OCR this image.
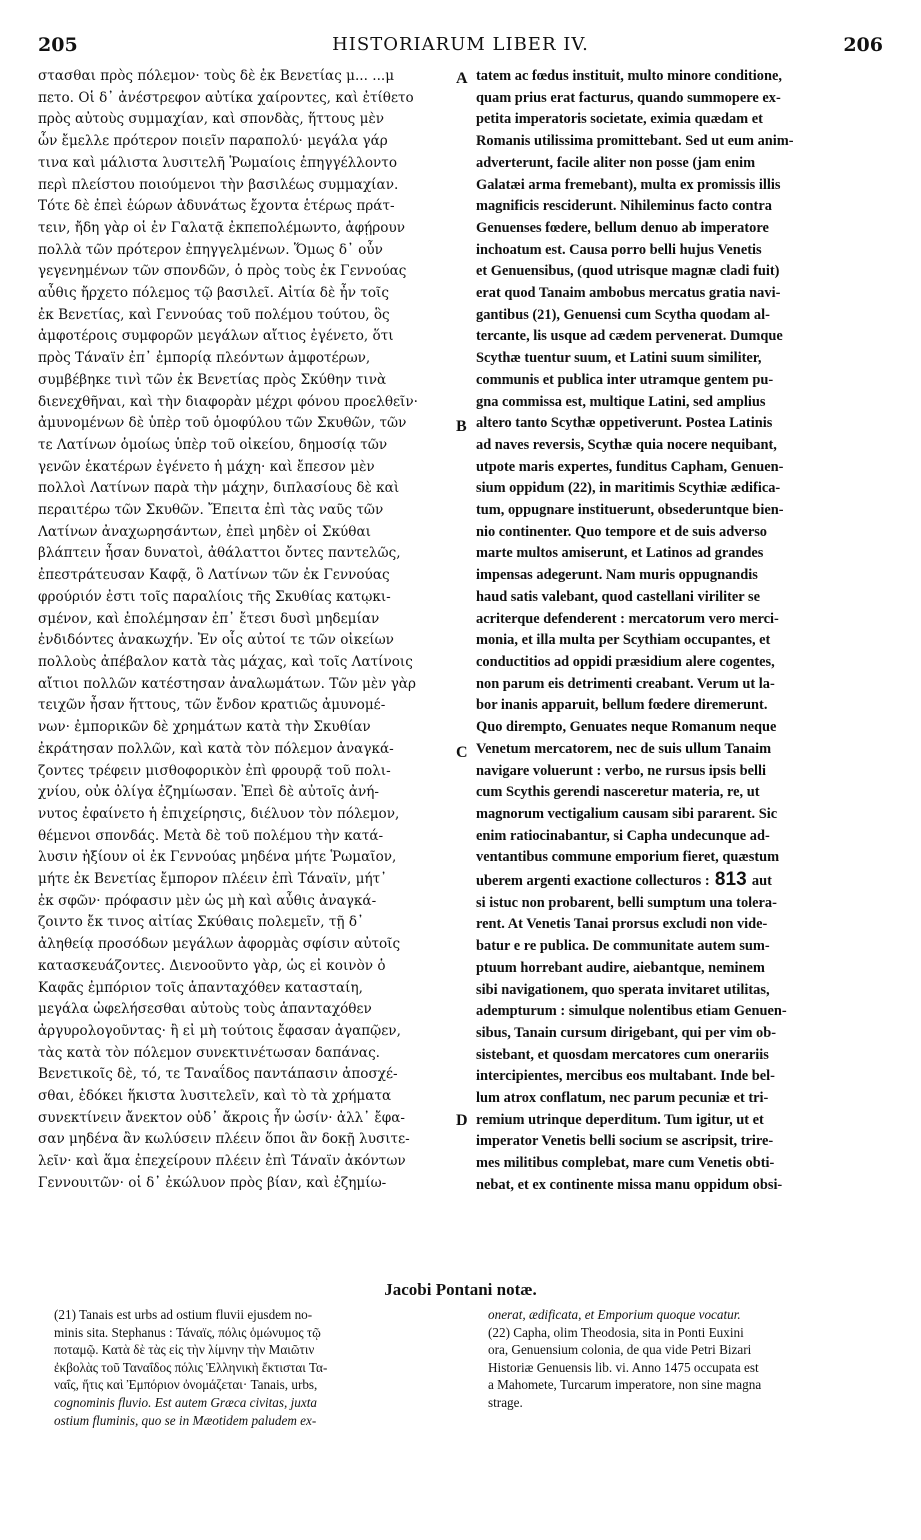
205	HISTORIARUM LIBER IV.	206

στασθαι πρὸς πόλεμον· τοὺς δὲ ἐκ Βενετίας μ... ...μ

πετο. Οἱ δ᾿ ἀνέστρεφον αὐτίκα χαίροντες, καὶ ἐτίθετο

πρὸς αὐτοὺς συμμαχίαν, καὶ σπονδὰς, ἥττους μὲν

ὧν ἔμελλε πρότερον ποιεῖν παραπολύ· μεγάλα γάρ

τινα καὶ μάλιστα λυσιτελῆ Ῥωμαίοις ἐπηγγέλλοντο

περὶ πλείστου ποιούμενοι τὴν βασιλέως συμμαχίαν.

Τότε δὲ ἐπεὶ ἑώρων ἀδυνάτως ἔχοντα ἑτέρως πράτ-

τειν, ἤδη γὰρ οἱ ἐν Γαλατᾷ ἐκπεπολέμωντο, ἀφῄρουν

πολλὰ τῶν πρότερον ἐπηγγελμένων. Ὅμως δ᾿ οὖν

γεγενημένων τῶν σπονδῶν, ὁ πρὸς τοὺς ἐκ Γεννούας

αὖθις ἤρχετο πόλεμος τῷ βασιλεῖ. Αἰτία δὲ ἦν τοῖς

ἐκ Βενετίας, καὶ Γεννούας τοῦ πολέμου τούτου, ὃς

ἀμφοτέροις συμφορῶν μεγάλων αἴτιος ἐγένετο, ὅτι

πρὸς Τάναϊν ἐπ᾿ ἐμπορίᾳ πλεόντων ἀμφοτέρων,

συμβέβηκε τινὶ τῶν ἐκ Βενετίας πρὸς Σκύθην τινὰ

διενεχθῆναι, καὶ τὴν διαφορὰν μέχρι φόνου προελθεῖν·

ἀμυνομένων δὲ ὑπὲρ τοῦ ὁμοφύλου τῶν Σκυθῶν, τῶν

τε Λατίνων ὁμοίως ὑπὲρ τοῦ οἰκείου, δημοσίᾳ τῶν

γενῶν ἑκατέρων ἐγένετο ἡ μάχη· καὶ ἔπεσον μὲν

πολλοὶ Λατίνων παρὰ τὴν μάχην, διπλασίους δὲ καὶ

περαιτέρω τῶν Σκυθῶν. Ἔπειτα ἐπὶ τὰς ναῦς τῶν

Λατίνων ἀναχωρησάντων, ἐπεὶ μηδὲν οἱ Σκύθαι

βλάπτειν ἦσαν δυνατοὶ, ἀθάλαττοι ὄντες παντελῶς,

ἐπεστράτευσαν Καφᾷ, ὃ Λατίνων τῶν ἐκ Γεννούας

φρούριόν ἐστι τοῖς παραλίοις τῆς Σκυθίας κατῳκι-

σμένον, καὶ ἐπολέμησαν ἐπ᾿ ἔτεσι δυσὶ μηδεμίαν

ἐνδιδόντες ἀνακωχήν. Ἐν οἷς αὐτοί τε τῶν οἰκείων

πολλοὺς ἀπέβαλον κατὰ τὰς μάχας, καὶ τοῖς Λατίνοις

αἴτιοι πολλῶν κατέστησαν ἀναλωμάτων. Τῶν μὲν γὰρ

τειχῶν ἦσαν ἥττους, τῶν ἔνδον κρατιῶς ἀμυνομέ-

νων· ἐμπορικῶν δὲ χρημάτων κατὰ τὴν Σκυθίαν

ἐκράτησαν πολλῶν, καὶ κατὰ τὸν πόλεμον ἀναγκά-

ζοντες τρέφειν μισθοφορικὸν ἐπὶ φρουρᾷ τοῦ πολι-

χνίου, οὐκ ὀλίγα ἐζημίωσαν. Ἐπεὶ δὲ αὐτοῖς ἀνή-

νυτος ἐφαίνετο ἡ ἐπιχείρησις, διέλυον τὸν πόλεμον,

θέμενοι σπονδάς. Μετὰ δὲ τοῦ πολέμου τὴν κατά-

λυσιν ἠξίουν οἱ ἐκ Γεννούας μηδένα μήτε Ῥωμαῖον,

μήτε ἐκ Βενετίας ἔμπορον πλέειν ἐπὶ Τάναϊν, μήτ᾿

ἐκ σφῶν· πρόφασιν μὲν ὡς μὴ καὶ αὖθις ἀναγκά-

ζοιντο ἔκ τινος αἰτίας Σκύθαις πολεμεῖν, τῇ δ᾿

ἀληθείᾳ προσόδων μεγάλων ἀφορμὰς σφίσιν αὐτοῖς

κατασκευάζοντες. Διενοοῦντο γὰρ, ὡς εἰ κοινὸν ὁ

Καφᾶς ἐμπόριον τοῖς ἁπανταχόθεν κατασταίη,

μεγάλα ὠφελήσεσθαι αὐτοὺς τοὺς ἁπανταχόθεν

ἀργυρολογοῦντας· ἢ εἰ μὴ τούτοις ἔφασαν ἀγαπῷεν,

τὰς κατὰ τὸν πόλεμον συνεκτινέτωσαν δαπάνας.

Βενετικοῖς δὲ, τό, τε Ταναΐδος παντάπασιν ἀποσχέ-

σθαι, ἐδόκει ἥκιστα λυσιτελεῖν, καὶ τὸ τὰ χρήματα

συνεκτίνειν ἄνεκτον οὐδ᾿ ἄκροις ἦν ὠσίν· ἀλλ᾿ ἔφα-

σαν μηδένα ἂν κωλύσειν πλέειν ὅποι ἂν δοκῇ λυσιτε-

λεῖν· καὶ ἅμα ἐπεχείρουν πλέειν ἐπὶ Τάναϊν ἀκόντων

Γεννουιτῶν· οἱ δ᾿ ἐκώλυον πρὸς βίαν, καὶ ἐζημίω-

tatem ac fœdus instituit, multo minore conditione,

quam prius erat facturus, quando summopere ex-

petita imperatoris societate, eximia quædam et

Romanis utilissima promittebant. Sed ut eum anim-

adverterunt, facile aliter non posse (jam enim

Galatæi arma fremebant), multa ex promissis illis

magnificis resciderunt. Nihileminus facto contra

Genuenses fœdere, bellum denuo ab imperatore

inchoatum est. Causa porro belli hujus Venetis

et Genuensibus, (quod utrisque magnæ cladi fuit)

erat quod Tanaim ambobus mercatus gratia navi-

gantibus (21), Genuensi cum Scytha quodam al-

tercante, lis usque ad cædem pervenerat. Dumque

Scythæ tuentur suum, et Latini suum similiter,

communis et publica inter utramque gentem pu-

gna commissa est, multique Latini, sed amplius

altero tanto Scythæ oppetiverunt. Postea Latinis

ad naves reversis, Scythæ quia nocere nequibant,

utpote maris expertes, funditus Capham, Genuen-

sium oppidum (22), in maritimis Scythiæ ædifica-

tum, oppugnare instituerunt, obsederuntque bien-

nio continenter. Quo tempore et de suis adverso

marte multos amiserunt, et Latinos ad grandes

impensas adegerunt. Nam muris oppugnandis

haud satis valebant, quod castellani viriliter se

acriterque defenderent : mercatorum vero merci-

monia, et illa multa per Scythiam occupantes, et

conductitios ad oppidi præsidium alere cogentes,

non parum eis detrimenti creabant. Verum ut la-

bor inanis apparuit, bellum fœdere diremerunt.

Quo dirempto, Genuates neque Romanum neque

Venetum mercatorem, nec de suis ullum Tanaim

navigare voluerunt : verbo, ne rursus ipsis belli

cum Scythis gerendi nasceretur materia, re, ut

magnorum vectigalium causam sibi pararent. Sic

enim ratiocinabantur, si Capha undecunque ad-

ventantibus commune emporium fieret, quæstum

uberem argenti exactione collecturos : 813 aut

si istuc non probarent, belli sumptum una tolera-

rent. At Venetis Tanai prorsus excludi non vide-

batur e re publica. De communitate autem sum-

ptuum horrebant audire, aiebantque, neminem

sibi navigationem, quo sperata invitaret utilitas,

adempturum : simulque nolentibus etiam Genuen-

sibus, Tanain cursum dirigebant, qui per vim ob-

sistebant, et quosdam mercatores cum onerariis

intercipientes, mercibus eos multabant. Inde bel-

lum atrox conflatum, nec parum pecuniæ et tri-

remium utrinque deperditum. Tum igitur, ut et

imperator Venetis belli socium se ascripsit, trire-

mes militibus complebat, mare cum Venetis obti-

nebat, et ex continente missa manu oppidum obsi-

A
B
C
D
Jacobi Pontani notæ.

(21) Tanais est urbs ad ostium fluvii ejusdem no-

minis sita. Stephanus : Τάναϊς, πόλις ὁμώνυμος τῷ

ποταμῷ. Κατὰ δὲ τὰς εἰς τὴν λίμνην τὴν Μαιῶτιν

ἐκβολὰς τοῦ Ταναΐδος πόλις Ἑλληνικὴ ἔκτισται Τα-

ναΐς, ἥτις καὶ Ἐμπόριον ὀνομάζεται· Tanais, urbs,

cognominis fluvio. Est autem Græca civitas, juxta

ostium fluminis, quo se in Mæotidem paludem ex-

onerat, ædificata, et Emporium quoque vocatur.

(22) Capha, olim Theodosia, sita in Ponti Euxini

ora, Genuensium colonia, de qua vide Petri Bizari

Historiæ Genuensis lib. vi. Anno 1475 occupata est

a Mahomete, Turcarum imperatore, non sine magna

strage.
